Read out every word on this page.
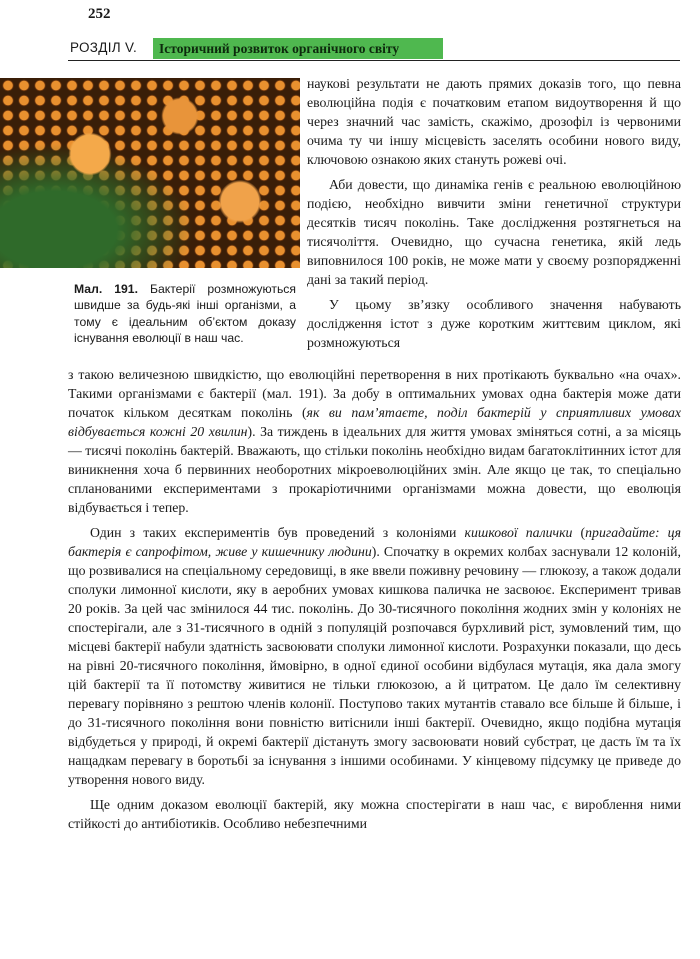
252
РОЗДІЛ V.	Історичний розвиток органічного світу
Мал. 191. Бактерії розмножуються швидше за будь-які інші організми, а тому є ідеальним об’єктом доказу існування еволюції в наш час.

наукові результати не дають прямих доказів того, що певна еволюційна подія є початковим етапом видоутворення й що через значний час замість, скажімо, дрозофіл із червоними очима ту чи іншу місцевість заселять особини нового виду, ключовою ознакою яких стануть рожеві очі.

Аби довести, що динаміка генів є реальною еволюційною подією, необхідно вивчити зміни генетичної структури десятків тисяч поколінь. Таке дослідження розтягнеться на тисячоліття. Очевидно, що сучасна генетика, якій ледь виповнилося 100 років, не може мати у своєму розпорядженні дані за такий період.

У цьому зв’язку особливого значення набувають дослідження істот з дуже коротким життєвим циклом, які розмножуються

з такою величезною швидкістю, що еволюційні перетворення в них протікають буквально «на очах». Такими організмами є бактерії (мал. 191). За добу в оптимальних умовах одна бактерія може дати початок кільком десяткам поколінь (як ви пам’ятаєте, поділ бактерій у сприятливих умовах відбувається кожні 20 хвилин). За тиждень в ідеальних для життя умовах зміняться сотні, а за місяць — тисячі поколінь бактерій. Вважають, що стільки поколінь необхідно видам багатоклітинних істот для виникнення хоча б первинних необоротних мікроеволюційних змін. Але якщо це так, то спеціально спланованими експериментами з прокаріотичними організмами можна довести, що еволюція відбувається і тепер.

Один з таких експериментів був проведений з колоніями кишкової палички (пригадайте: ця бактерія є сапрофітом, живе у кишечнику людини). Спочатку в окремих колбах заснували 12 колоній, що розвивалися на спеціальному середовищі, в яке ввели поживну речовину — глюкозу, а також додали сполуки лимонної кислоти, яку в аеробних умовах кишкова паличка не засвоює. Експеримент тривав 20 років. За цей час змінилося 44 тис. поколінь. До 30-тисячного покоління жодних змін у колоніях не спостерігали, але з 31-тисячного в одній з популяцій розпочався бурхливий ріст, зумовлений тим, що місцеві бактерії набули здатність засвоювати сполуки лимонної кислоти. Розрахунки показали, що десь на рівні 20-тисячного покоління, ймовірно, в одної єдиної особини відбулася мутація, яка дала змогу цій бактерії та її потомству живитися не тільки глюкозою, а й цитратом. Це дало їм селективну перевагу порівняно з рештою членів колонії. Поступово таких мутантів ставало все більше й більше, і до 31-тисячного покоління вони повністю витіснили інші бактерії. Очевидно, якщо подібна мутація відбудеться у природі, й окремі бактерії дістануть змогу засвоювати новий субстрат, це дасть їм та їх нащадкам перевагу в боротьбі за існування з іншими особинами. У кінцевому підсумку це приведе до утворення нового виду.

Ще одним доказом еволюції бактерій, яку можна спостерігати в наш час, є вироблення ними стійкості до антибіотиків. Особливо небезпечними
